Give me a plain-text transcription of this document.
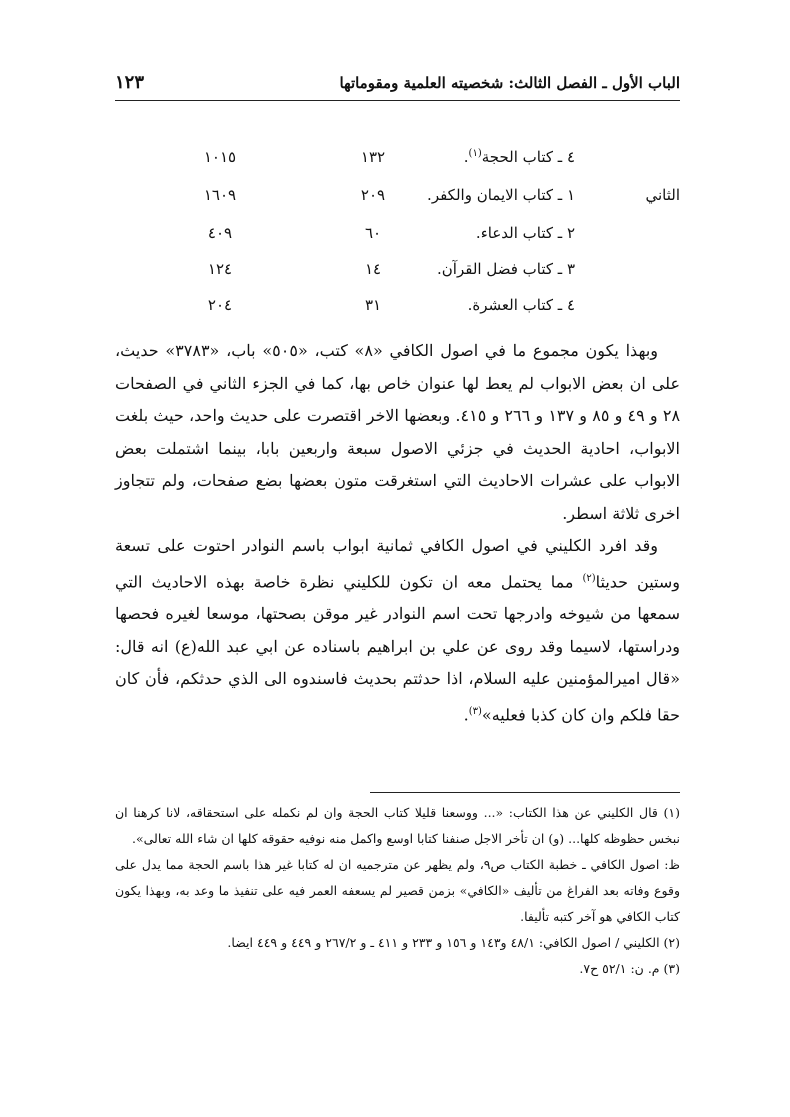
الباب الأول ـ الفصل الثالث: شخصيته العلمية ومقوماتها
١٢٣
٤ ـ كتاب الحجة$^{(١)}$.
١٣٢
١٠١٥
الثاني
١ ـ كتاب الايمان والكفر.
٢٠٩
١٦٠٩
٢ ـ كتاب الدعاء.
٦٠
٤٠٩
٣ ـ كتاب فضل القرآن.
١٤
١٢٤
٤ ـ كتاب العشرة.
٣١
٢٠٤

وبهذا يكون مجموع ما في اصول الكافي «٨» كتب، «٥٠٥» باب، «٣٧٨٣» حديث، على ان بعض الابواب لم يعط لها عنوان خاص بها، كما في الجزء الثاني في الصفحات ٢٨ و ٤٩ و ٨٥ و ١٣٧ و ٢٦٦ و ٤١٥. وبعضها الاخر اقتصرت على حديث واحد، حيث بلغت الابواب، احادية الحديث في جزئي الاصول سبعة واربعين بابا، بينما اشتملت بعض الابواب على عشرات الاحاديث التي استغرقت متون بعضها بضع صفحات، ولم تتجاوز اخرى ثلاثة اسطر.

وقد افرد الكليني في اصول الكافي ثمانية ابواب باسم النوادر احتوت على تسعة وستين حديثا$^{(٢)}$ مما يحتمل معه ان تكون للكليني نظرة خاصة بهذه الاحاديث التي سمعها من شيوخه وادرجها تحت اسم النوادر غير موقن بصحتها، موسعا لغيره فحصها ودراستها، لاسيما وقد روى عن علي بن ابراهيم باسناده عن ابي عبد الله(ع) انه قال: «قال اميرالمؤمنين عليه السلام، اذا حدثتم بحديث فاسندوه الى الذي حدثكم، فأن كان حقا فلكم وان كان كذبا فعليه»$^{(٣)}$.

(١) قال الكليني عن هذا الكتاب: «... ووسعنا قليلا كتاب الحجة وان لم نكمله على استحقاقه، لانا كرهنا ان نبخس حظوظه كلها... (و) ان تأخر الاجل صنفنا كتابا اوسع واكمل منه نوفيه حقوقه كلها ان شاء الله تعالى».

ظ: اصول الكافي ـ خطبة الكتاب ص٩، ولم يظهر عن مترجميه ان له كتابا غير هذا باسم الحجة مما يدل على وقوع وفاته بعد الفراغ من تأليف «الكافي» بزمن قصير لم يسعفه العمر فيه على تنفيذ ما وعد به، وبهذا يكون كتاب الكافي هو آخر كتبه تأليفا.

(٢) الكليني / اصول الكافي: ٤٨/١ و١٤٣ و ١٥٦ و ٢٣٣ و ٤١١ ـ و ٢٦٧/٢ و ٤٤٩ و ٤٤٩ ايضا.

(٣) م. ن: ٥٢/١ ح٧.
